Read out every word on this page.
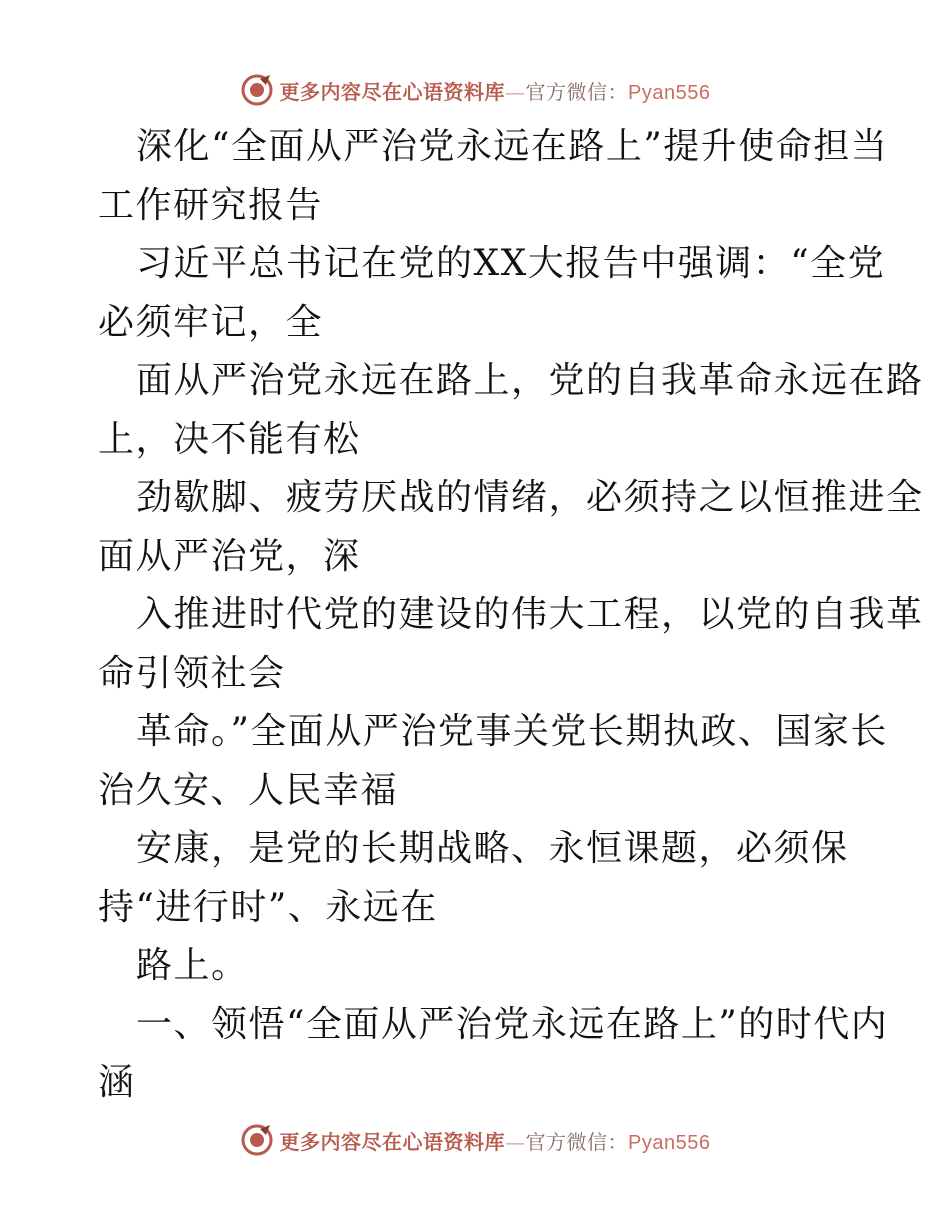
更多内容尽在心语资料库—官方微信：Pyan556
深化“全面从严治党永远在路上”提升使命担当
工作研究报告
习近平总书记在党的XX大报告中强调：“全党
必须牢记，全
面从严治党永远在路上，党的自我革命永远在路
上，决不能有松
劲歇脚、疲劳厌战的情绪，必须持之以恒推进全
面从严治党，深
入推进时代党的建设的伟大工程，以党的自我革
命引领社会
革命。”全面从严治党事关党长期执政、国家长
治久安、人民幸福
安康，是党的长期战略、永恒课题，必须保
持“进行时”、永远在
路上。
一、领悟“全面从严治党永远在路上”的时代内
涵
更多内容尽在心语资料库—官方微信：Pyan556
